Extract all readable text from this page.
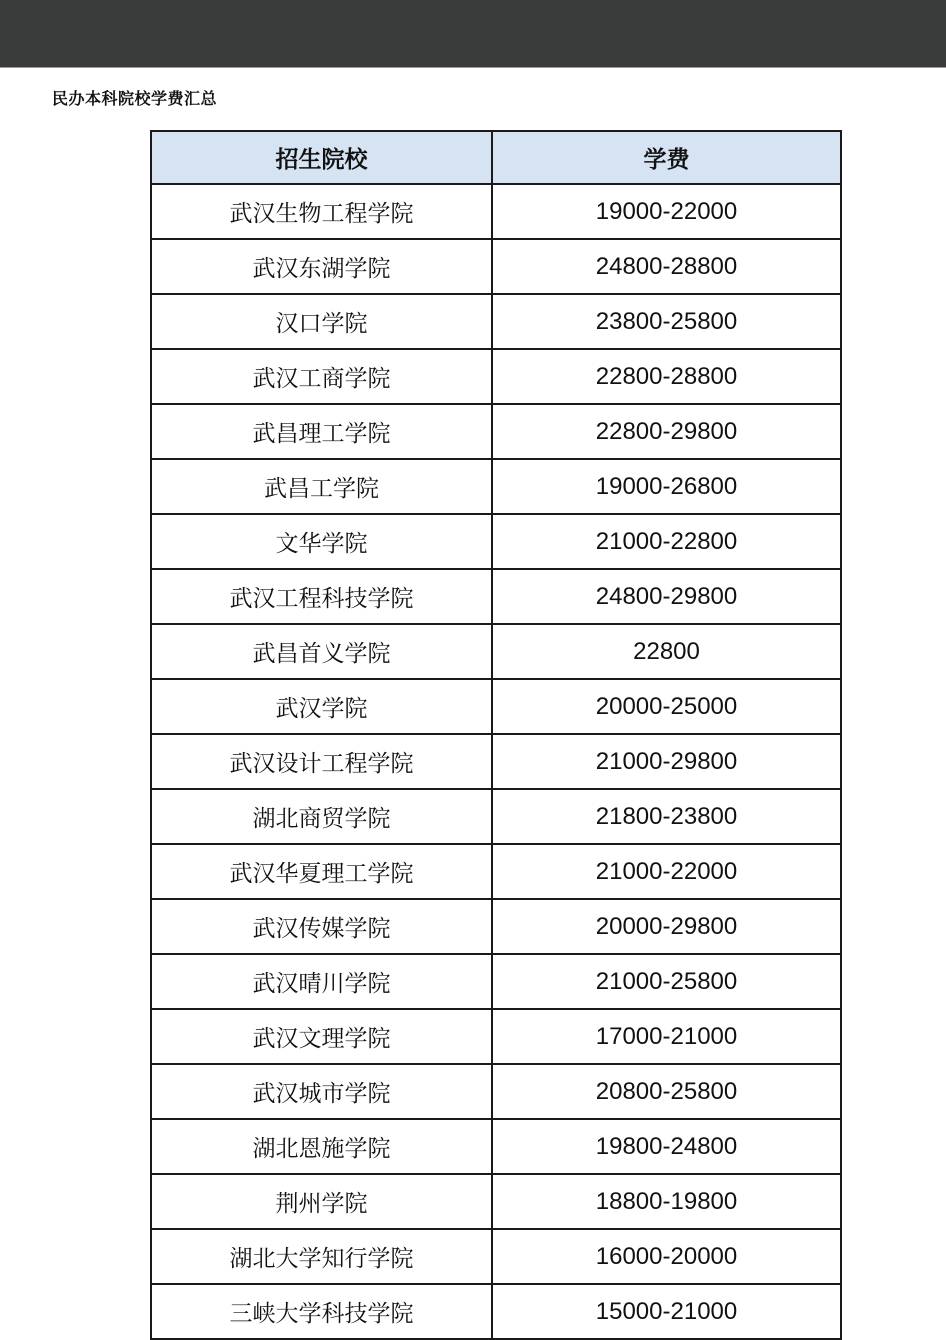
民办本科院校学费汇总
招生院校	学费
武汉生物工程学院	19000-22000
武汉东湖学院	24800-28800
汉口学院	23800-25800
武汉工商学院	22800-28800
武昌理工学院	22800-29800
武昌工学院	19000-26800
文华学院	21000-22800
武汉工程科技学院	24800-29800
武昌首义学院	22800
武汉学院	20000-25000
武汉设计工程学院	21000-29800
湖北商贸学院	21800-23800
武汉华夏理工学院	21000-22000
武汉传媒学院	20000-29800
武汉晴川学院	21000-25800
武汉文理学院	17000-21000
武汉城市学院	20800-25800
湖北恩施学院	19800-24800
荆州学院	18800-19800
湖北大学知行学院	16000-20000
三峡大学科技学院	15000-21000
